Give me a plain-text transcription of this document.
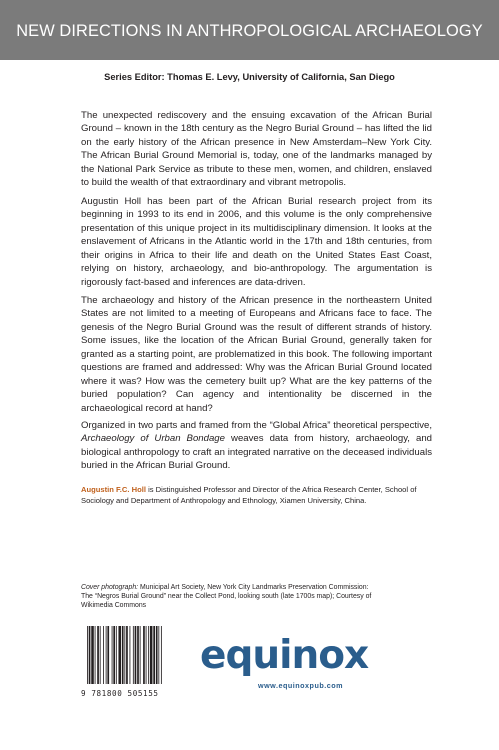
NEW DIRECTIONS IN ANTHROPOLOGICAL ARCHAEOLOGY
Series Editor: Thomas E. Levy, University of California, San Diego

The unexpected rediscovery and the ensuing excavation of the African Burial Ground – known in the 18th century as the Negro Burial Ground – has lifted the lid on the early history of the African presence in New Amsterdam–New York City. The African Burial Ground Memorial is, today, one of the landmarks managed by the National Park Service as tribute to these men, women, and children, enslaved to build the wealth of that extraordinary and vibrant metropolis.

Augustin Holl has been part of the African Burial research project from its beginning in 1993 to its end in 2006, and this volume is the only comprehensive presentation of this unique project in its multidisciplinary dimension. It looks at the enslavement of Africans in the Atlantic world in the 17th and 18th centuries, from their origins in Africa to their life and death on the United States East Coast, relying on history, archaeology, and bio-anthropology. The argumentation is rigorously fact-based and inferences are data-driven.

The archaeology and history of the African presence in the northeastern United States are not limited to a meeting of Europeans and Africans face to face. The genesis of the Negro Burial Ground was the result of different strands of history. Some issues, like the location of the African Burial Ground, generally taken for granted as a starting point, are problematized in this book. The following important questions are framed and addressed: Why was the African Burial Ground located where it was? How was the cemetery built up? What are the key patterns of the buried population? Can agency and intentionality be discerned in the archaeological record at hand?

Organized in two parts and framed from the “Global Africa” theoretical perspective, Archaeology of Urban Bondage weaves data from history, archaeology, and biological anthropology to craft an integrated narrative on the deceased individuals buried in the African Burial Ground.

Augustin F.C. Holl is Distinguished Professor and Director of the Africa Research Center, School of Sociology and Department of Anthropology and Ethnology, Xiamen University, China.

Cover photograph: Municipal Art Society, New York City Landmarks Preservation Commission: The “Negros Burial Ground” near the Collect Pond, looking south (late 1700s map); Courtesy of Wikimedia Commons

9 781800 505155
equinox
www.equinoxpub.com
